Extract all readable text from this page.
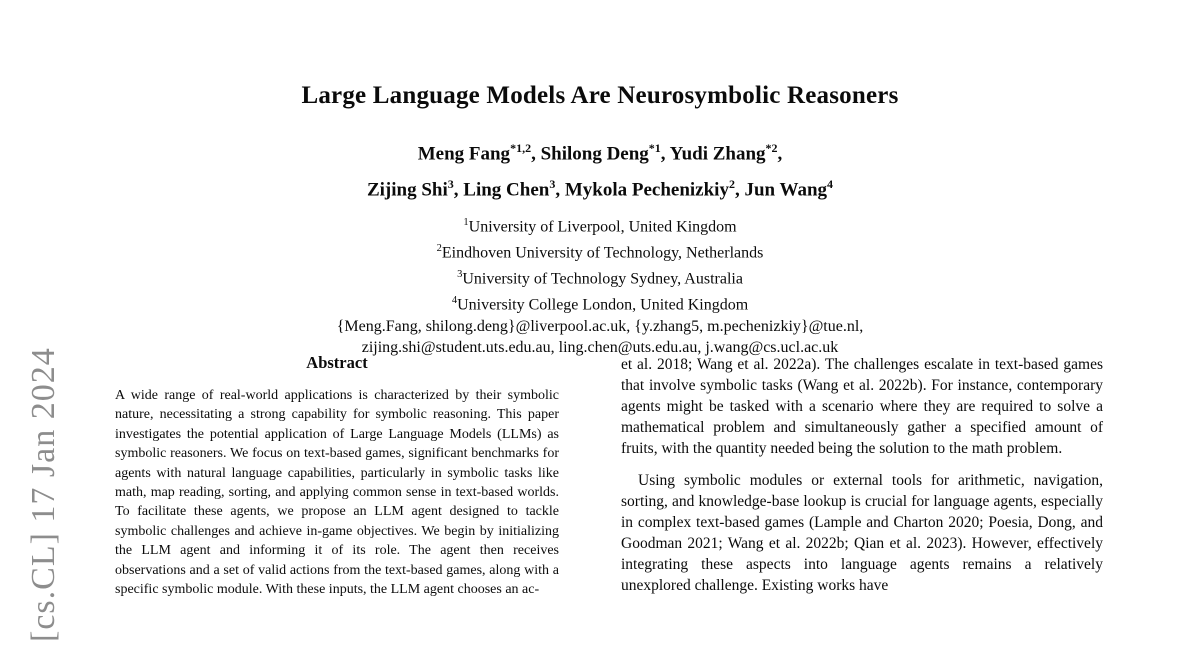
[cs.CL] 17 Jan 2024
Large Language Models Are Neurosymbolic Reasoners
Meng Fang$^{*1,2}$, Shilong Deng$^{*1}$, Yudi Zhang$^{*2}$,
Zijing Shi$^3$, Ling Chen$^3$, Mykola Pechenizkiy$^2$, Jun Wang$^4$
$^1$University of Liverpool, United Kingdom
$^2$Eindhoven University of Technology, Netherlands
$^3$University of Technology Sydney, Australia
$^4$University College London, United Kingdom
{Meng.Fang, shilong.deng}@liverpool.ac.uk, {y.zhang5, m.pechenizkiy}@tue.nl,
zijing.shi@student.uts.edu.au, ling.chen@uts.edu.au, j.wang@cs.ucl.ac.uk
Abstract
A wide range of real-world applications is characterized by their symbolic nature, necessitating a strong capability for symbolic reasoning. This paper investigates the potential application of Large Language Models (LLMs) as symbolic reasoners. We focus on text-based games, significant benchmarks for agents with natural language capabilities, particularly in symbolic tasks like math, map reading, sorting, and applying common sense in text-based worlds. To facilitate these agents, we propose an LLM agent designed to tackle symbolic challenges and achieve in-game objectives. We begin by initializing the LLM agent and informing it of its role. The agent then receives observations and a set of valid actions from the text-based games, along with a specific symbolic module. With these inputs, the LLM agent chooses an ac-

et al. 2018; Wang et al. 2022a). The challenges escalate in text-based games that involve symbolic tasks (Wang et al. 2022b). For instance, contemporary agents might be tasked with a scenario where they are required to solve a mathematical problem and simultaneously gather a specified amount of fruits, with the quantity needed being the solution to the math problem.

Using symbolic modules or external tools for arithmetic, navigation, sorting, and knowledge-base lookup is crucial for language agents, especially in complex text-based games (Lample and Charton 2020; Poesia, Dong, and Goodman 2021; Wang et al. 2022b; Qian et al. 2023). However, effectively integrating these aspects into language agents remains a relatively unexplored challenge. Existing works have
